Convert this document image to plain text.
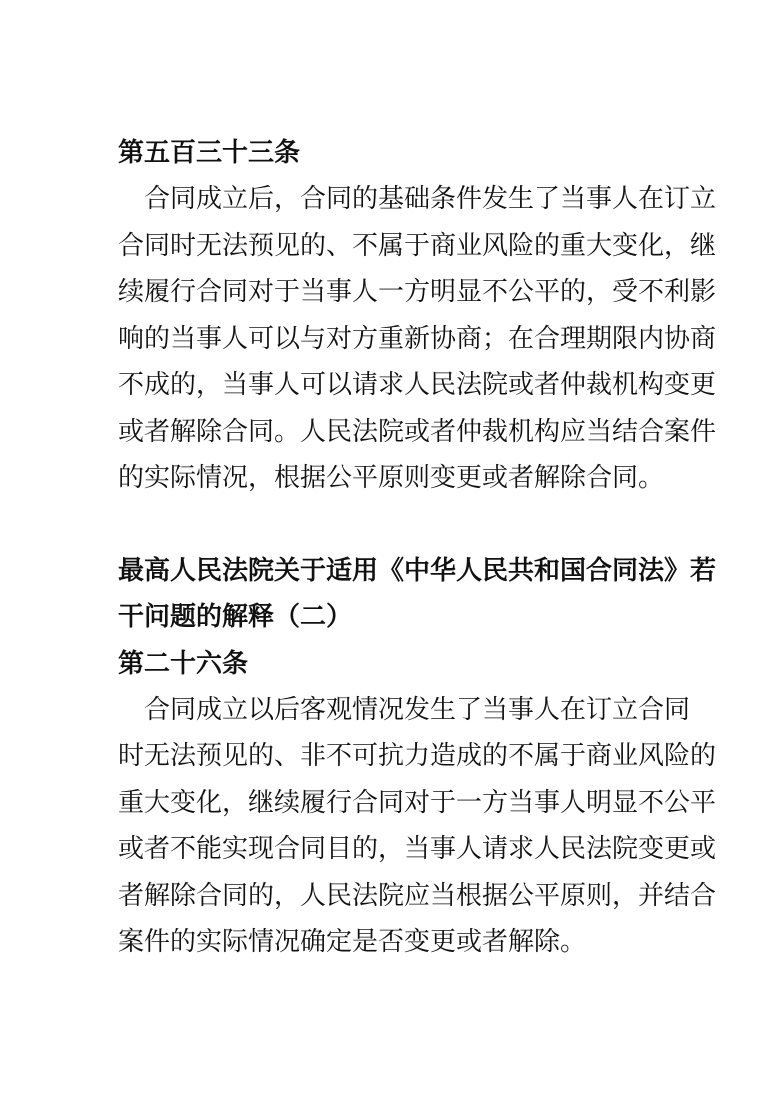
第五百三十三条
合同成立后，合同的基础条件发生了当事人在订立
合同时无法预见的、不属于商业风险的重大变化，继
续履行合同对于当事人一方明显不公平的，受不利影
响的当事人可以与对方重新协商；在合理期限内协商
不成的，当事人可以请求人民法院或者仲裁机构变更
或者解除合同。人民法院或者仲裁机构应当结合案件
的实际情况，根据公平原则变更或者解除合同。
最高人民法院关于适用《中华人民共和国合同法》若
干问题的解释（二）
第二十六条
合同成立以后客观情况发生了当事人在订立合同
时无法预见的、非不可抗力造成的不属于商业风险的
重大变化，继续履行合同对于一方当事人明显不公平
或者不能实现合同目的，当事人请求人民法院变更或
者解除合同的，人民法院应当根据公平原则，并结合
案件的实际情况确定是否变更或者解除。
